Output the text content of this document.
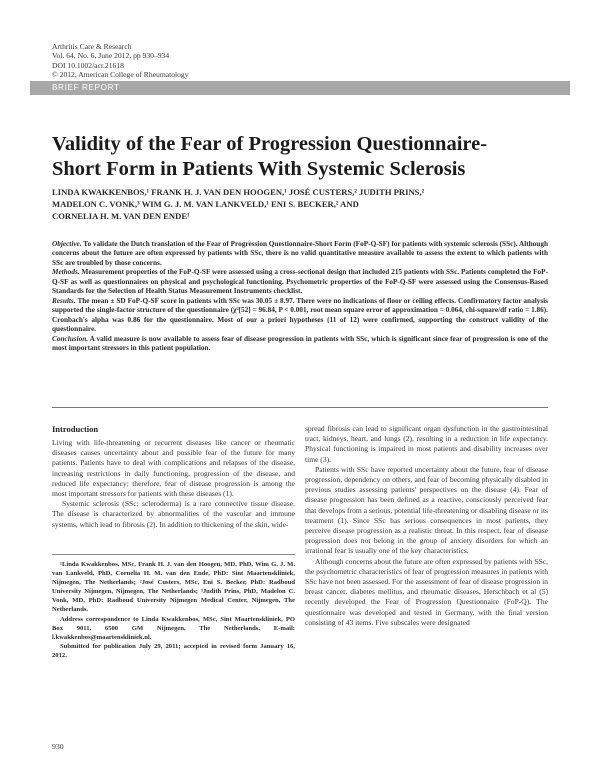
Arthritis Care & Research
Vol. 64, No. 6, June 2012, pp 930–934
DOI 10.1002/acr.21618
© 2012, American College of Rheumatology
BRIEF REPORT
Validity of the Fear of Progression Questionnaire-
Short Form in Patients With Systemic Sclerosis
LINDA KWAKKENBOS,¹ FRANK H. J. VAN DEN HOOGEN,¹ JOSÉ CUSTERS,² JUDITH PRINS,²
MADELON C. VONK,³ WIM G. J. M. VAN LANKVELD,¹ ENI S. BECKER,² AND
CORNELIA H. M. VAN DEN ENDE¹

Objective. To validate the Dutch translation of the Fear of Progression Questionnaire-Short Form (FoP-Q-SF) for patients with systemic sclerosis (SSc). Although concerns about the future are often expressed by patients with SSc, there is no valid quantitative measure available to assess the extent to which patients with SSc are troubled by those concerns.

Methods. Measurement properties of the FoP-Q-SF were assessed using a cross-sectional design that included 215 patients with SSc. Patients completed the FoP-Q-SF as well as questionnaires on physical and psychological functioning. Psychometric properties of the FoP-Q-SF were assessed using the Consensus-Based Standards for the Selection of Health Status Measurement Instruments checklist.

Results. The mean ± SD FoP-Q-SF score in patients with SSc was 30.05 ± 8.97. There were no indications of floor or ceiling effects. Confirmatory factor analysis supported the single-factor structure of the questionnaire (χ²[52] = 96.84, P < 0.001, root mean square error of approximation = 0.064, chi-square/df ratio = 1.86). Cronbach's alpha was 0.86 for the questionnaire. Most of our a priori hypotheses (11 of 12) were confirmed, supporting the construct validity of the questionnaire.

Conclusion. A valid measure is now available to assess fear of disease progression in patients with SSc, which is significant since fear of progression is one of the most important stressors in this patient population.

Introduction

Living with life-threatening or recurrent diseases like cancer or rheumatic diseases causes uncertainty about and possible fear of the future for many patients. Patients have to deal with complications and relapses of the disease, increasing restrictions in daily functioning, progression of the disease, and reduced life expectancy; therefore, fear of disease progression is among the most important stressors for patients with these diseases (1).

Systemic sclerosis (SSc; scleroderma) is a rare connective tissue disease. The disease is characterized by abnormalities of the vascular and immune systems, which lead to fibrosis (2). In addition to thickening of the skin, wide-

¹Linda Kwakkenbos, MSc, Frank H. J. van den Hoogen, MD, PhD, Wim G. J. M. van Lankveld, PhD, Cornelia H. M. van den Ende, PhD: Sint Maartenskliniek, Nijmegen, The Netherlands; ²José Custers, MSc, Eni S. Becker, PhD: Radboud University Nijmegen, Nijmegen, The Netherlands; ³Judith Prins, PhD, Madelon C. Vonk, MD, PhD: Radboud University Nijmegen Medical Center, Nijmegen, The Netherlands.

Address correspondence to Linda Kwakkenbos, MSc, Sint Maartenskliniek, PO Box 9011, 6500 GM Nijmegen, The Netherlands. E-mail: l.kwakkenbos@maartenskliniek.nl.

Submitted for publication July 29, 2011; accepted in revised form January 16, 2012.

spread fibrosis can lead to significant organ dysfunction in the gastrointestinal tract, kidneys, heart, and lungs (2), resulting in a reduction in life expectancy. Physical functioning is impaired in most patients and disability increases over time (3).

Patients with SSc have reported uncertainty about the future, fear of disease progression, dependency on others, and fear of becoming physically disabled in previous studies assessing patients' perspectives on the disease (4). Fear of disease progression has been defined as a reactive, consciously perceived fear that develops from a serious, potential life-threatening or disabling disease or its treatment (1). Since SSc has serious consequences in most patients, they perceive disease progression as a realistic threat. In this respect, fear of disease progression does not belong in the group of anxiety disorders for which an irrational fear is usually one of the key characteristics.

Although concerns about the future are often expressed by patients with SSc, the psychometric characteristics of fear of progression measures in patients with SSc have not been assessed. For the assessment of fear of disease progression in breast cancer, diabetes mellitus, and rheumatic diseases, Herschbach et al (5) recently developed the Fear of Progression Questionnaire (FoP-Q). The questionnaire was developed and tested in Germany, with the final version consisting of 43 items. Five subscales were designated

930
